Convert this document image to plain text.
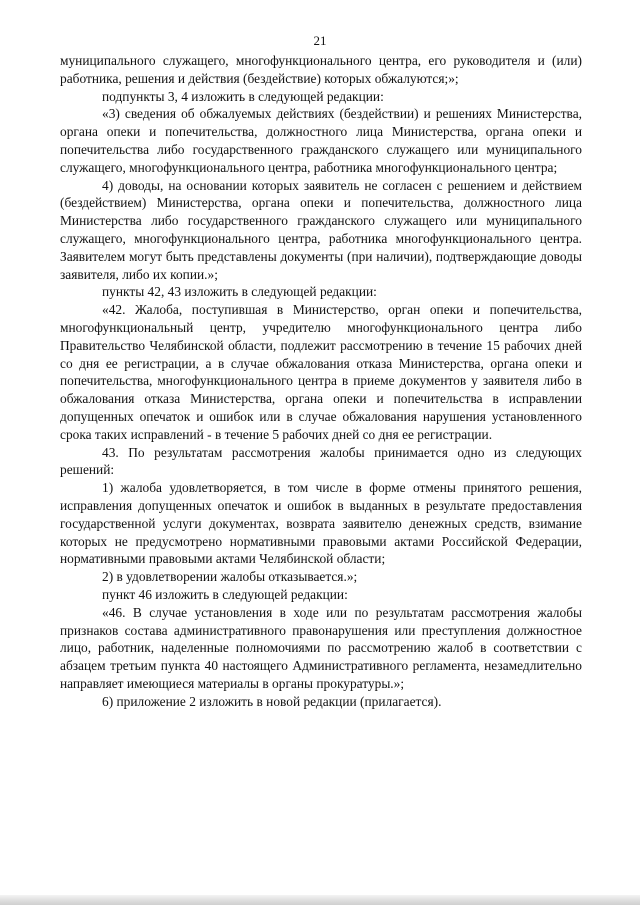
21

муниципального служащего, многофункционального центра, его руководителя и (или) работника, решения и действия (бездействие) которых обжалуются;»;

подпункты 3, 4 изложить в следующей редакции:

«3) сведения об обжалуемых действиях (бездействии) и решениях Министерства, органа опеки и попечительства, должностного лица Министерства, органа опеки и попечительства либо государственного гражданского служащего или муниципального служащего, многофункционального центра, работника многофункционального центра;

4) доводы, на основании которых заявитель не согласен с решением и действием (бездействием) Министерства, органа опеки и попечительства, должностного лица Министерства либо государственного гражданского служащего или муниципального служащего, многофункционального центра, работника многофункционального центра. Заявителем могут быть представлены документы (при наличии), подтверждающие доводы заявителя, либо их копии.»;

пункты 42, 43 изложить в следующей редакции:

«42. Жалоба, поступившая в Министерство, орган опеки и попечительства, многофункциональный центр, учредителю многофункционального центра либо Правительство Челябинской области, подлежит рассмотрению в течение 15 рабочих дней со дня ее регистрации, а в случае обжалования отказа Министерства, органа опеки и попечительства, многофункционального центра в приеме документов у заявителя либо в обжалования отказа Министерства, органа опеки и попечительства в исправлении допущенных опечаток и ошибок или в случае обжалования нарушения установленного срока таких исправлений - в течение 5 рабочих дней со дня ее регистрации.

43. По результатам рассмотрения жалобы принимается одно из следующих решений:

1) жалоба удовлетворяется, в том числе в форме отмены принятого решения, исправления допущенных опечаток и ошибок в выданных в результате предоставления государственной услуги документах, возврата заявителю денежных средств, взимание которых не предусмотрено нормативными правовыми актами Российской Федерации, нормативными правовыми актами Челябинской области;

2) в удовлетворении жалобы отказывается.»;

пункт 46 изложить в следующей редакции:

«46. В случае установления в ходе или по результатам рассмотрения жалобы признаков состава административного правонарушения или преступления должностное лицо, работник, наделенные полномочиями по рассмотрению жалоб в соответствии с абзацем третьим пункта 40 настоящего Административного регламента, незамедлительно направляет имеющиеся материалы в органы прокуратуры.»;

6) приложение 2 изложить в новой редакции (прилагается).
